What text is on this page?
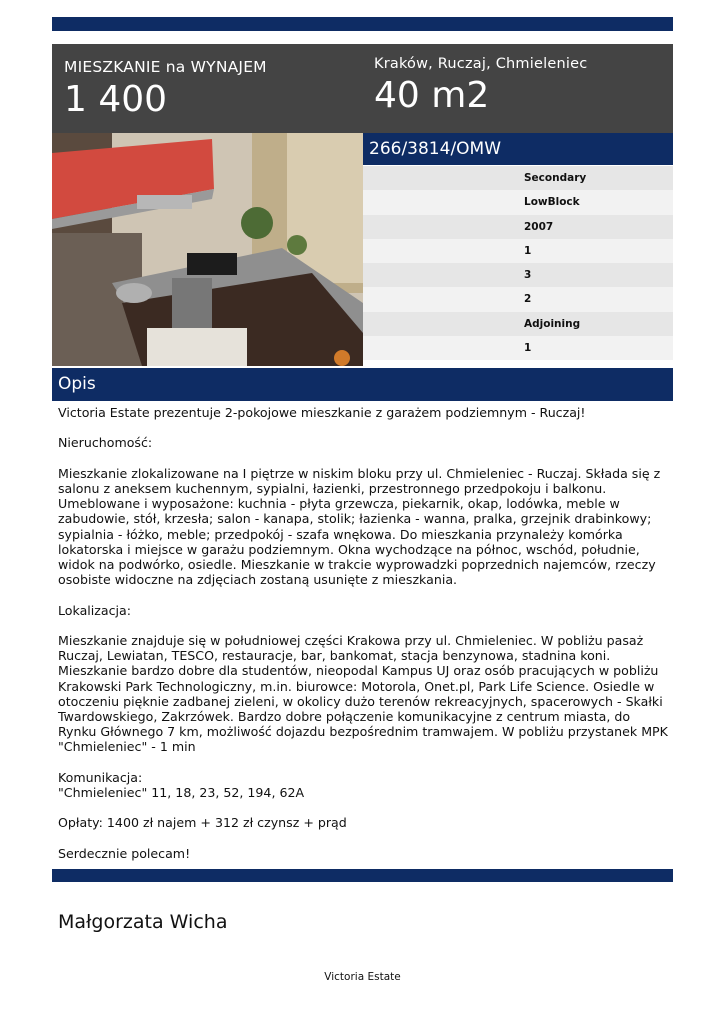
MIESZKANIE na WYNAJEM
1 400
Kraków, Ruczaj, Chmieleniec
40 m2
266/3814/OMW
Secondary
LowBlock
2007
1
3
2
Adjoining
1
Opis

Victoria Estate prezentuje 2-pokojowe mieszkanie z garażem podziemnym - Ruczaj!

Nieruchomość:

Mieszkanie zlokalizowane na I piętrze w niskim bloku przy ul. Chmieleniec - Ruczaj. Składa się z salonu z aneksem kuchennym, sypialni, łazienki, przestronnego przedpokoju i balkonu. Umeblowane i wyposażone: kuchnia - płyta grzewcza, piekarnik, okap, lodówka, meble w zabudowie, stół, krzesła; salon - kanapa, stolik; łazienka - wanna, pralka, grzejnik drabinkowy; sypialnia - łóżko, meble; przedpokój - szafa wnękowa. Do mieszkania przynależy komórka lokatorska i miejsce w garażu podziemnym. Okna wychodzące na północ, wschód, południe, widok na podwórko, osiedle. Mieszkanie w trakcie wyprowadzki poprzednich najemców, rzeczy osobiste widoczne na zdjęciach zostaną usunięte z mieszkania.

Lokalizacja:

Mieszkanie znajduje się w południowej części Krakowa przy ul. Chmieleniec. W pobliżu pasaż Ruczaj, Lewiatan, TESCO, restauracje, bar, bankomat, stacja benzynowa, stadnina koni. Mieszkanie bardzo dobre dla studentów, nieopodal Kampus UJ oraz osób pracujących w pobliżu Krakowski Park Technologiczny, m.in. biurowce: Motorola, Onet.pl, Park Life Science. Osiedle w otoczeniu pięknie zadbanej zieleni, w okolicy dużo terenów rekreacyjnych, spacerowych - Skałki Twardowskiego, Zakrzówek. Bardzo dobre połączenie komunikacyjne z centrum miasta, do Rynku Głównego 7 km, możliwość dojazdu bezpośrednim tramwajem. W pobliżu przystanek MPK "Chmieleniec" - 1 min

Komunikacja:
"Chmieleniec" 11, 18, 23, 52, 194, 62A

Opłaty: 1400 zł najem + 312 zł czynsz + prąd

Serdecznie polecam!

Małgorzata Wicha
Victoria Estate
